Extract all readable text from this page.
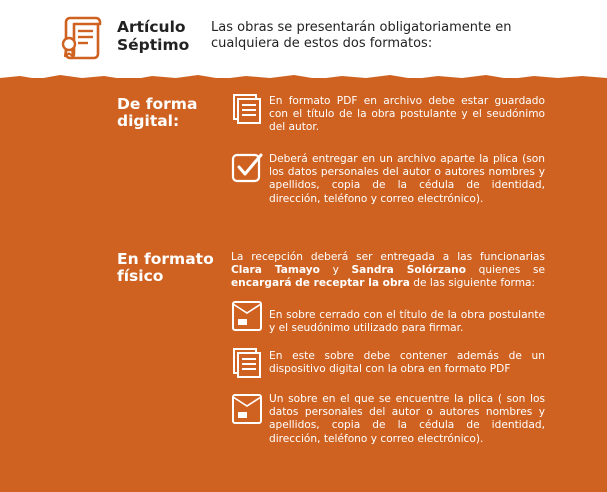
Artículo
Séptimo
Las obras se presentarán obligatoriamente en cualquiera de estos dos formatos:
De forma
digital:
En formato PDF en archivo debe estar guardado con el título de la obra postulante y el seudónimo del autor.
Deberá entregar en un archivo aparte la plica (son los datos personales del autor o autores nombres y apellidos, copia de la cédula de identidad, dirección, teléfono y correo electrónico).
En formato
físico
La recepción deberá ser entregada a las funcionarias Clara Tamayo y Sandra Solórzano quienes se encargará de receptar la obra de las siguiente forma:
En sobre cerrado con el título de la obra postulante y el seudónimo utilizado para firmar.
En este sobre debe contener además de un dispositivo digital con la obra en formato PDF
Un sobre en el que se encuentre la plica ( son los datos personales del autor o autores nombres y apellidos, copia de la cédula de identidad, dirección, teléfono y correo electrónico).
